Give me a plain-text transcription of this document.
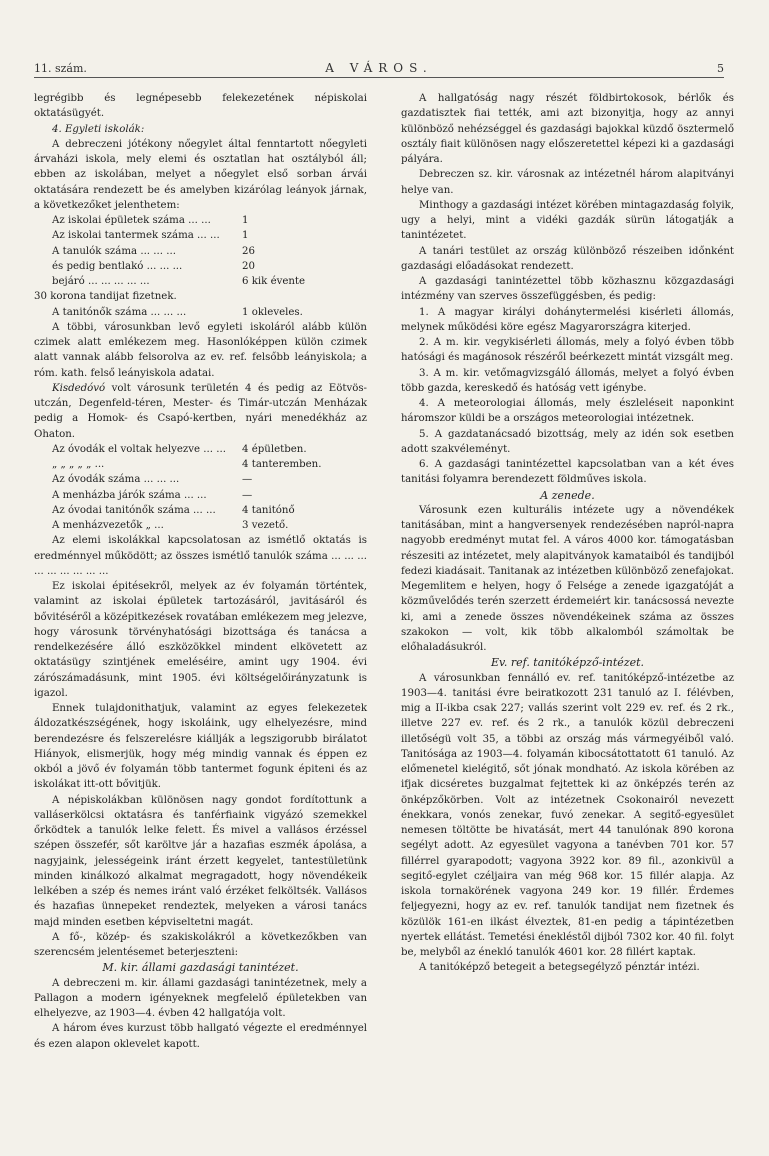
11. szám.	A VÁROS.	5

legrégibb és legnépesebb felekezetének népiskolai oktatásügyét.

4. Egyleti iskolák:

A debreczeni jótékony nőegylet által fenntartott nőegyleti árvaházi iskola, mely elemi és osztatlan hat osztályból áll; ebben az iskolában, melyet a nőegylet első sorban árvái oktatására rendezett be és amelyben kizárólag leányok járnak, a következőket jelenthetem:

Az iskolai épületek száma ... ...	1
Az iskolai tantermek száma ... ...	1
A tanulók száma ... ... ...	26
és pedig bentlakó ... ... ...	20
bejáró ... ... ... ... ...	6 kik évente

30 korona tandijat fizetnek.

A tanitónők száma ... ... ...	1 okleveles.

A többi, városunkban levő egyleti iskoláról alább külön czimek alatt emlékezem meg. Hasonlóképpen külön czimek alatt vannak alább felsorolva az ev. ref. felsőbb leányiskola; a róm. kath. felső leányiskola adatai.

Kisdedóvó volt városunk területén 4 és pedig az Eötvös-utczán, Degenfeld-téren, Mester- és Timár-utczán Menházak pedig a Homok- és Csapó-kertben, nyári menedékház az Ohaton.

Az óvodák el voltak helyezve ... ...	4 épületben.
„ „ „ „ „ ...	4 tanteremben.
Az óvodák száma ... ... ...	—
A menházba járók száma ... ...	—
Az óvodai tanitónők száma ... ...	4 tanitónő
A menházvezetők „ ...	3 vezető.

Az elemi iskolákkal kapcsolatosan az ismétlő oktatás is eredménnyel működött; az összes ismétlő tanulók száma ... ... ... ... ... ... ... ... ...

Ez iskolai épitésekről, melyek az év folyamán történtek, valamint az iskolai épületek tartozásáról, javitásáról és bővitéséről a középitkezések rovatában emlékezem meg jelezve, hogy városunk törvényhatósági bizottsága és tanácsa a rendelkezésére álló eszközökkel mindent elkövetett az oktatásügy szintjének emeléséire, amint ugy 1904. évi zárószámadásunk, mint 1905. évi költségelőirányzatunk is igazol.

Ennek tulajdonithatjuk, valamint az egyes felekezetek áldozatkészségének, hogy iskoláink, ugy elhelyezésre, mind berendezésre és felszerelésre kiállják a legszigorubb birálatot Hiányok, elismerjük, hogy még mindig vannak és éppen ez okból a jövő év folyamán több tantermet fogunk épiteni és az iskolákat itt-ott bővitjük.

A népiskolákban különösen nagy gondot fordítottunk a valláserkölcsi oktatásra és tanférfiaink vigyázó szemekkel őrködtek a tanulók lelke felett. És mivel a vallásos érzéssel szépen összefér, sőt karöltve jár a hazafias eszmék ápolása, a nagyjaink, jelességeink iránt érzett kegyelet, tantestületünk minden kinálkozó alkalmat megragadott, hogy növendékeik lelkében a szép és nemes iránt való érzéket felköltsék. Vallásos és hazafias ünnepeket rendeztek, melyeken a városi tanács majd minden esetben képviseltetni magát.

A fő-, közép- és szakiskolákról a következőkben van szerencsém jelentésemet beterjeszteni:

M. kir. állami gazdasági tanintézet.

A debreczeni m. kir. állami gazdasági tanintézetnek, mely a Pallagon a modern igényeknek megfelelő épületekben van elhelyezve, az 1903—4. évben 42 hallgatója volt.

A három éves kurzust több hallgató végezte el eredménnyel és ezen alapon oklevelet kapott.

A hallgatóság nagy részét földbirtokosok, bérlők és gazdatisztek fiai tették, ami azt bizonyitja, hogy az annyi különböző nehézséggel és gazdasági bajokkal küzdő ösztermelő osztály fiait különösen nagy előszeretettel képezi ki a gazdasági pályára.

Debreczen sz. kir. városnak az intézetnél három alapitványi helye van.

Minthogy a gazdasági intézet körében mintagazdaság folyik, ugy a helyi, mint a vidéki gazdák sürün látogatják a tanintézetet.

A tanári testület az ország különböző részeiben időnként gazdasági előadásokat rendezett.

A gazdasági tanintézettel több közhasznu közgazdasági intézmény van szerves összefüggésben, és pedig:

1. A magyar királyi dohánytermelési kisérleti állomás, melynek működési köre egész Magyarországra kiterjed.

2. A m. kir. vegykisérleti állomás, mely a folyó évben több hatósági és magánosok részéről beérkezett mintát vizsgált meg.

3. A m. kir. vetőmagvizsgáló állomás, melyet a folyó évben több gazda, kereskedő és hatóság vett igénybe.

4. A meteorologiai állomás, mely észleléseit naponkint háromszor küldi be a országos meteorologiai intézetnek.

5. A gazdatanácsadó bizottság, mely az idén sok esetben adott szakvéleményt.

6. A gazdasági tanintézettel kapcsolatban van a két éves tanitási folyamra berendezett földműves iskola.

A zenede.

Városunk ezen kulturális intézete ugy a növendékek tanitásában, mint a hangversenyek rendezésében napról-napra nagyobb eredményt mutat fel. A város 4000 kor. támogatásban részesiti az intézetet, mely alapitványok kamataiból és tandijból fedezi kiadásait. Tanitanak az intézetben különböző zenefajokat. Megemlitem e helyen, hogy ő Felsége a zenede igazgatóját a közművelődés terén szerzett érdemeiért kir. tanácsossá nevezte ki, ami a zenede összes növendékeinek száma az összes szakokon — volt, kik több alkalomból számoltak be előhaladásukról.

Ev. ref. tanitóképző-intézet.

A városunkban fennálló ev. ref. tanitóképző-intézetbe az 1903—4. tanitási évre beiratkozott 231 tanuló az I. félévben, mig a II-ikba csak 227; vallás szerint volt 229 ev. ref. és 2 rk., illetve 227 ev. ref. és 2 rk., a tanulók közül debreczeni illetőségü volt 35, a többi az ország más vármegyéiből való. Tanitósága az 1903—4. folyamán kibocsátottatott 61 tanuló. Az előmenetel kielégitő, sőt jónak mondható. Az iskola körében az ifjak dicséretes buzgalmat fejtettek ki az önképzés terén az önképzőkörben. Volt az intézetnek Csokonairól nevezett énekkara, vonós zenekar, fuvó zenekar. A segitő-egyesület nemesen töltötte be hivatását, mert 44 tanulónak 890 korona segélyt adott. Az egyesület vagyona a tanévben 701 kor. 57 fillérrel gyarapodott; vagyona 3922 kor. 89 fil., azonkivül a segitő-egylet czéljaira van még 968 kor. 15 fillér alapja. Az iskola tornakörének vagyona 249 kor. 19 fillér. Érdemes feljegyezni, hogy az ev. ref. tanulók tandijat nem fizetnek és közülök 161-en ilkást élveztek, 81-en pedig a tápintézetben nyertek ellátást. Temetési énekléstől dijból 7302 kor. 40 fil. folyt be, melyből az énekló tanulók 4601 kor. 28 fillért kaptak.

A tanitóképző betegeit a betegsegélyző pénztár intézi.
